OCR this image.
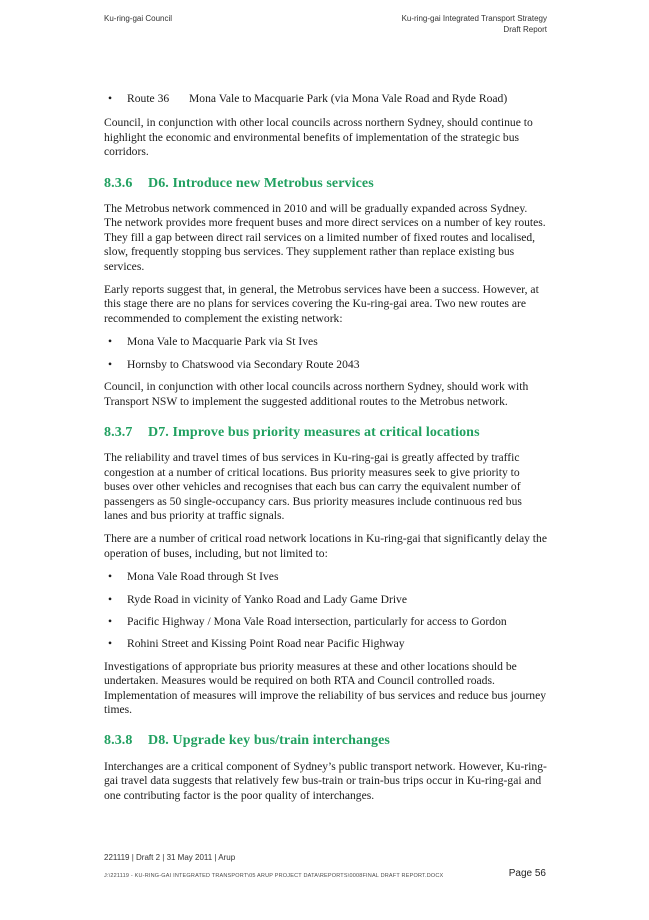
Ku-ring-gai Council	Ku-ring-gai Integrated Transport Strategy
Draft Report
• Route 36 Mona Vale to Macquarie Park (via Mona Vale Road and Ryde Road)

Council, in conjunction with other local councils across northern Sydney, should continue to highlight the economic and environmental benefits of implementation of the strategic bus corridors.

8.3.6 D6. Introduce new Metrobus services

The Metrobus network commenced in 2010 and will be gradually expanded across Sydney. The network provides more frequent buses and more direct services on a number of key routes. They fill a gap between direct rail services on a limited number of fixed routes and localised, slow, frequently stopping bus services. They supplement rather than replace existing bus services.

Early reports suggest that, in general, the Metrobus services have been a success. However, at this stage there are no plans for services covering the Ku-ring-gai area. Two new routes are recommended to complement the existing network:

• Mona Vale to Macquarie Park via St Ives
• Hornsby to Chatswood via Secondary Route 2043

Council, in conjunction with other local councils across northern Sydney, should work with Transport NSW to implement the suggested additional routes to the Metrobus network.

8.3.7 D7. Improve bus priority measures at critical locations

The reliability and travel times of bus services in Ku-ring-gai is greatly affected by traffic congestion at a number of critical locations. Bus priority measures seek to give priority to buses over other vehicles and recognises that each bus can carry the equivalent number of passengers as 50 single-occupancy cars. Bus priority measures include continuous red bus lanes and bus priority at traffic signals.

There are a number of critical road network locations in Ku-ring-gai that significantly delay the operation of buses, including, but not limited to:

• Mona Vale Road through St Ives
• Ryde Road in vicinity of Yanko Road and Lady Game Drive
• Pacific Highway / Mona Vale Road intersection, particularly for access to Gordon
• Rohini Street and Kissing Point Road near Pacific Highway

Investigations of appropriate bus priority measures at these and other locations should be undertaken. Measures would be required on both RTA and Council controlled roads. Implementation of measures will improve the reliability of bus services and reduce bus journey times.

8.3.8 D8. Upgrade key bus/train interchanges

Interchanges are a critical component of Sydney’s public transport network. However, Ku-ring-gai travel data suggests that relatively few bus-train or train-bus trips occur in Ku-ring-gai and one contributing factor is the poor quality of interchanges.

221119 | Draft 2 | 31 May 2011 | Arup
J:\221119 - KU-RING-GAI INTEGRATED TRANSPORT\05 ARUP PROJECT DATA\REPORTS\0008FINAL DRAFT REPORT.DOCX	Page 56
